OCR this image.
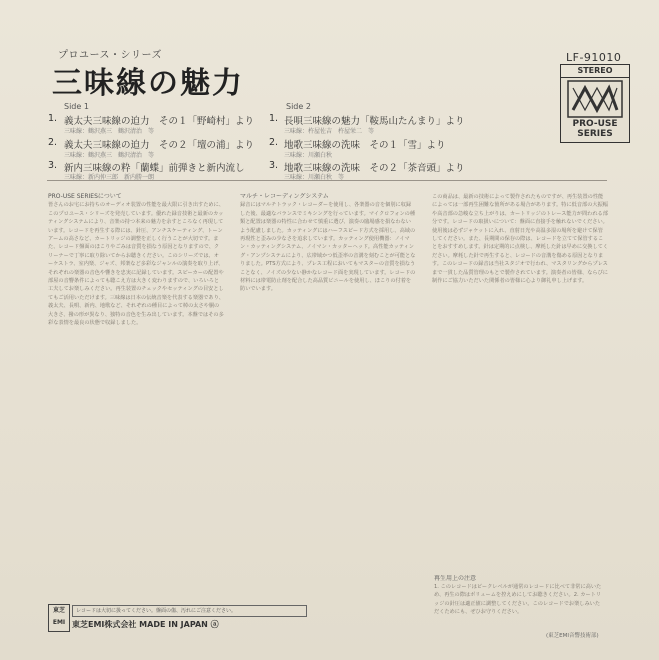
プロユース・シリーズ
三味線の魅力
LF-91010
STEREO
PRO-USE
SERIES
Side 1
1. 義太夫三味線の迫力　その１「野崎村」より
三味線：鶴沢燕三　鶴沢清治　等
2. 義太夫三味線の迫力　その２「壇の浦」より
三味線：鶴沢燕三　鶴沢清治　等
3. 新内三味線の粋「蘭蝶」前弾きと新内流し
三味線：新内仲三郎　新内勝一朗
Side 2
1. 長唄三味線の魅力「鞍馬山たんまり」より
三味線：杵屋佐吉　杵屋栄二　等
2. 地歌三味線の洗味　その１「雪」より
三味線：川瀬白秋
3. 地歌三味線の洗味　その２「茶音頭」より
三味線：川瀬白秋　等

PRO-USE SERIESについて

皆さんのお宅にお持ちのオーディオ装置の性能を最大限に引き出すために、このプロユース・シリーズを発売しています。優れた録音技術と最新のカッティングシステムにより、音楽の持つ本来の魅力を余すところなく再現しています。レコードを再生する際には、針圧、アンチスケーティング、トーンアームの高さなど、カートリッジの調整を正しく行うことが大切です。また、レコード盤面のほこりやごみは音質を損なう原因となりますので、クリーナーで丁寧に取り除いてからお聴きください。このシリーズでは、オーケストラ、室内楽、ジャズ、邦楽など多彩なジャンルの演奏を取り上げ、それぞれの楽器の音色や響きを忠実に記録しています。スピーカーの配置や部屋の音響条件によっても聴こえ方は大きく変わりますので、いろいろと工夫してお楽しみください。再生装置のチェックやセッティングの目安としてもご活用いただけます。三味線は日本の伝統音楽を代表する楽器であり、義太夫、長唄、新内、地歌など、それぞれの種目によって棹の太さや胴の大きさ、撥の形が異なり、独特の音色を生み出しています。本盤ではその多彩な表情を最良の状態で収録しました。

マルチ・レコーディングシステム

録音にはマルチトラック・レコーダーを使用し、各楽器の音を個別に収録した後、最適なバランスでミキシングを行っています。マイクロフォンの種類と配置は楽器の特性に合わせて慎重に選び、演奏の臨場感を損なわないよう配慮しました。カッティングにはハーフスピード方式を採用し、高域の再現性と歪みの少なさを追求しています。カッティング使用機器：ノイマン・カッティングシステム、ノイマン・カッターヘッド。高性能カッティング・アンプシステムにより、広帯域かつ低歪率の音溝を刻むことが可能となりました。PTS方式により、プレス工程においてもマスターの音質を損なうことなく、ノイズの少ない静かなレコード面を実現しています。レコードの材料には帯電防止剤を配合した高品質ビニールを使用し、ほこりの付着を防いでいます。

この商品は、最新の技術によって製作されたものですが、再生装置の性能によっては一部再生困難な箇所がある場合があります。特に低音部の大振幅や高音部の急峻な立ち上がりは、カートリッジのトレース能力が問われる部分です。レコードの取扱いについて：盤面に直接手を触れないでください。使用後は必ずジャケットに入れ、直射日光や高温多湿の場所を避けて保管してください。また、長期間の保存の際は、レコードを立てて保管することをおすすめします。針は定期的に点検し、摩耗した針は早めに交換してください。摩耗した針で再生すると、レコードの音溝を傷める原因となります。このレコードの録音は当社スタジオで行われ、マスタリングからプレスまで一貫した品質管理のもとで製作されています。演奏者の皆様、ならびに制作にご協力いただいた関係者の皆様に心より御礼申し上げます。

再生用上の注意

1. このレコードはピークレベルが通常のレコードに比べて非常に高いため、再生の際はボリュームを控えめにしてお聴きください。2. カートリッジの針圧は適正値に調整してください。このレコードでお楽しみいただくためにも、ぜひお守りください。

(東芝EMI音響技術部)
東芝
EMI
レコードは大切に扱ってください。盤面の傷、汚れにご注意ください。
東芝EMI株式会社 MADE IN JAPAN ⓐ
